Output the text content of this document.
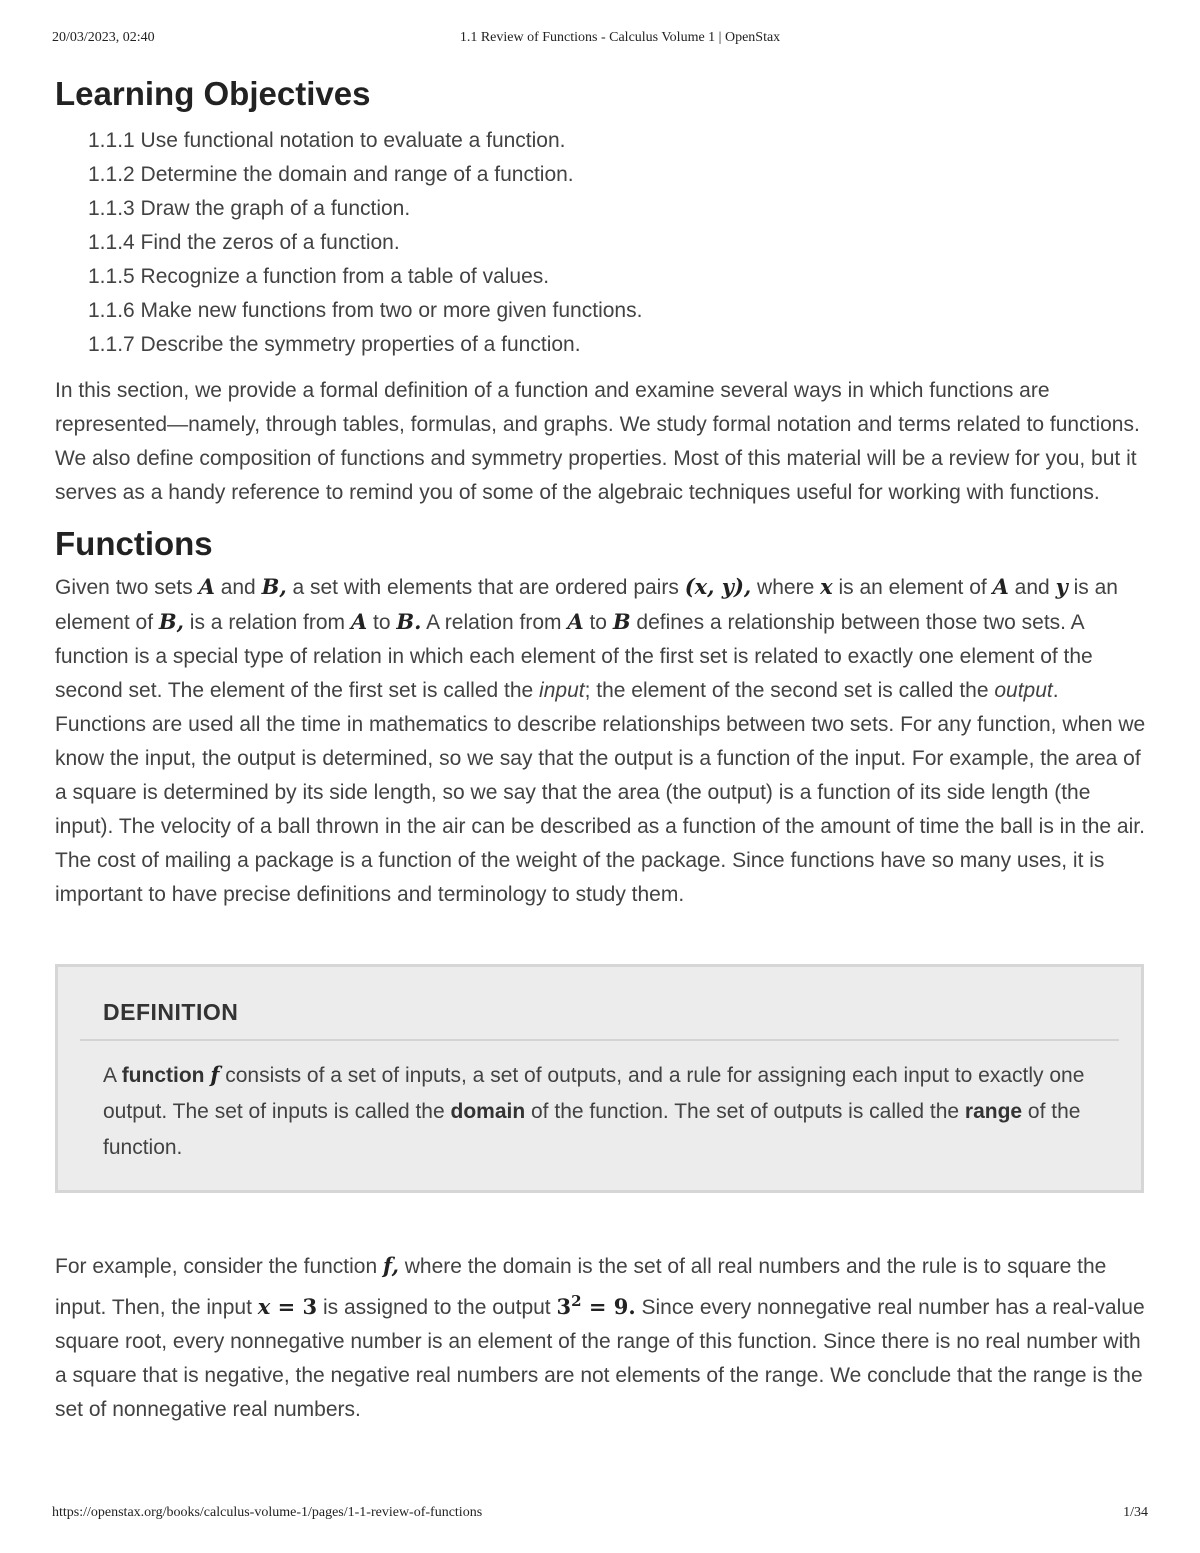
20/03/2023, 02:40	1.1 Review of Functions - Calculus Volume 1 | OpenStax
Learning Objectives
1.1.1 Use functional notation to evaluate a function.
1.1.2 Determine the domain and range of a function.
1.1.3 Draw the graph of a function.
1.1.4 Find the zeros of a function.
1.1.5 Recognize a function from a table of values.
1.1.6 Make new functions from two or more given functions.
1.1.7 Describe the symmetry properties of a function.

In this section, we provide a formal definition of a function and examine several ways in which functions are represented—namely, through tables, formulas, and graphs. We study formal notation and terms related to functions. We also define composition of functions and symmetry properties. Most of this material will be a review for you, but it serves as a handy reference to remind you of some of the algebraic techniques useful for working with functions.

Functions

Given two sets A and B, a set with elements that are ordered pairs (x, y), where x is an element of A and y is an element of B, is a relation from A to B. A relation from A to B defines a relationship between those two sets. A function is a special type of relation in which each element of the first set is related to exactly one element of the second set. The element of the first set is called the input; the element of the second set is called the output. Functions are used all the time in mathematics to describe relationships between two sets. For any function, when we know the input, the output is determined, so we say that the output is a function of the input. For example, the area of a square is determined by its side length, so we say that the area (the output) is a function of its side length (the input). The velocity of a ball thrown in the air can be described as a function of the amount of time the ball is in the air. The cost of mailing a package is a function of the weight of the package. Since functions have so many uses, it is important to have precise definitions and terminology to study them.

DEFINITION
A function f consists of a set of inputs, a set of outputs, and a rule for assigning each input to exactly one output. The set of inputs is called the domain of the function. The set of outputs is called the range of the function.

For example, consider the function f, where the domain is the set of all real numbers and the rule is to square the input. Then, the input x = 3 is assigned to the output $3^2 = 9$. Since every nonnegative real number has a real-value square root, every nonnegative number is an element of the range of this function. Since there is no real number with a square that is negative, the negative real numbers are not elements of the range. We conclude that the range is the set of nonnegative real numbers.

https://openstax.org/books/calculus-volume-1/pages/1-1-review-of-functions	1/34
